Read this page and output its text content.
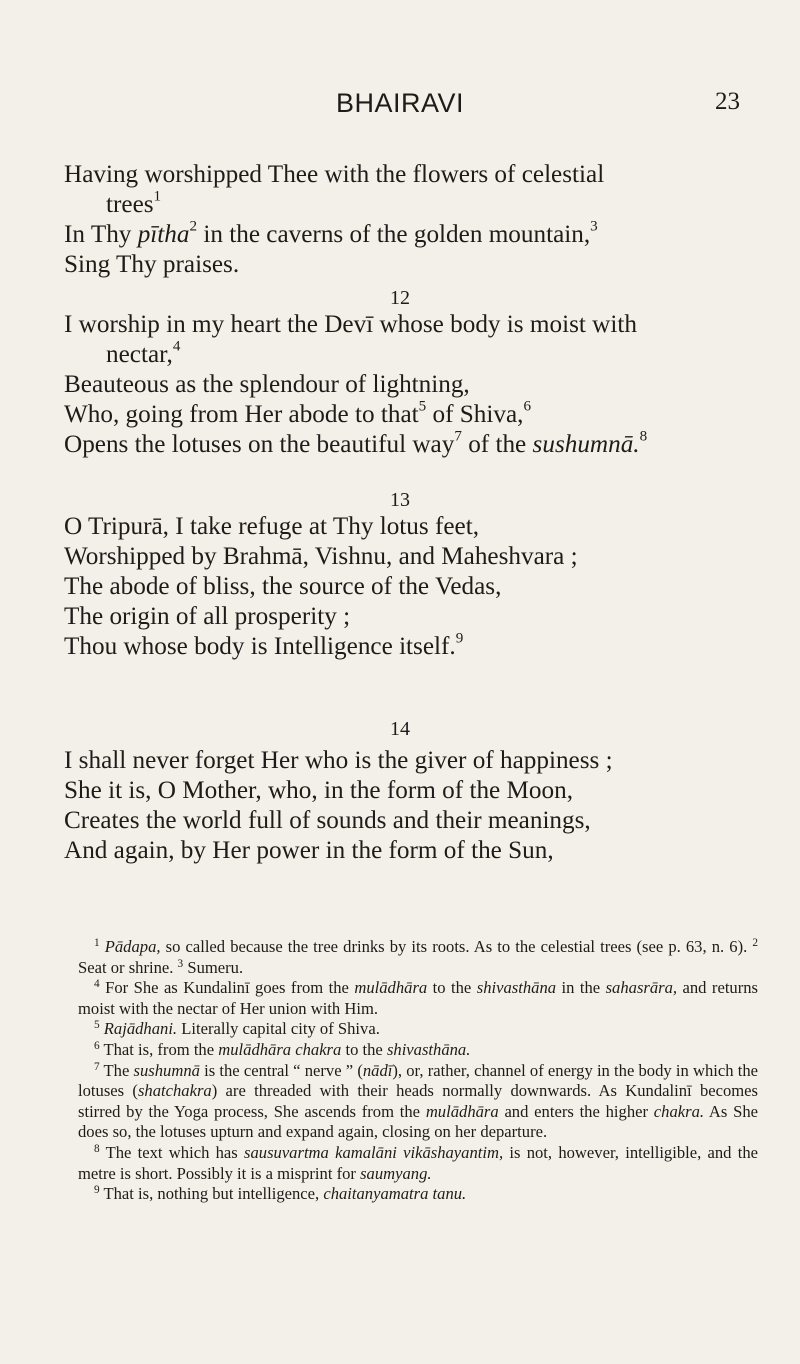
BHAIRAVI	23

Having worshipped Thee with the flowers of celestial

trees$^1$

In Thy pītha$^2$ in the caverns of the golden mountain,$^3$

Sing Thy praises.

12

I worship in my heart the Devī whose body is moist with

nectar,$^4$

Beauteous as the splendour of lightning,

Who, going from Her abode to that$^5$ of Shiva,$^6$

Opens the lotuses on the beautiful way$^7$ of the sushumnā.$^8$

13

O Tripurā, I take refuge at Thy lotus feet,

Worshipped by Brahmā, Vishnu, and Maheshvara ;

The abode of bliss, the source of the Vedas,

The origin of all prosperity ;

Thou whose body is Intelligence itself.$^9$

14

I shall never forget Her who is the giver of happiness ;

She it is, O Mother, who, in the form of the Moon,

Creates the world full of sounds and their meanings,

And again, by Her power in the form of the Sun,

$^1$ Pādapa, so called because the tree drinks by its roots. As to the celestial trees (see p. 63, n. 6). $^2$ Seat or shrine. $^3$ Sumeru.

$^4$ For She as Kundalinī goes from the mulādhāra to the shivasthāna in the sahasrāra, and returns moist with the nectar of Her union with Him.

$^5$ Rajādhani. Literally capital city of Shiva.

$^6$ That is, from the mulādhāra chakra to the shivasthāna.

$^7$ The sushumnā is the central “ nerve ” (nādī), or, rather, channel of energy in the body in which the lotuses (shatchakra) are threaded with their heads normally downwards. As Kundalinī becomes stirred by the Yoga process, She ascends from the mulādhāra and enters the higher chakra. As She does so, the lotuses upturn and expand again, closing on her departure.

$^8$ The text which has sausuvartma kamalāni vikāshayantim, is not, however, intelligible, and the metre is short. Possibly it is a misprint for saumyang.

$^9$ That is, nothing but intelligence, chaitanyamatra tanu.
